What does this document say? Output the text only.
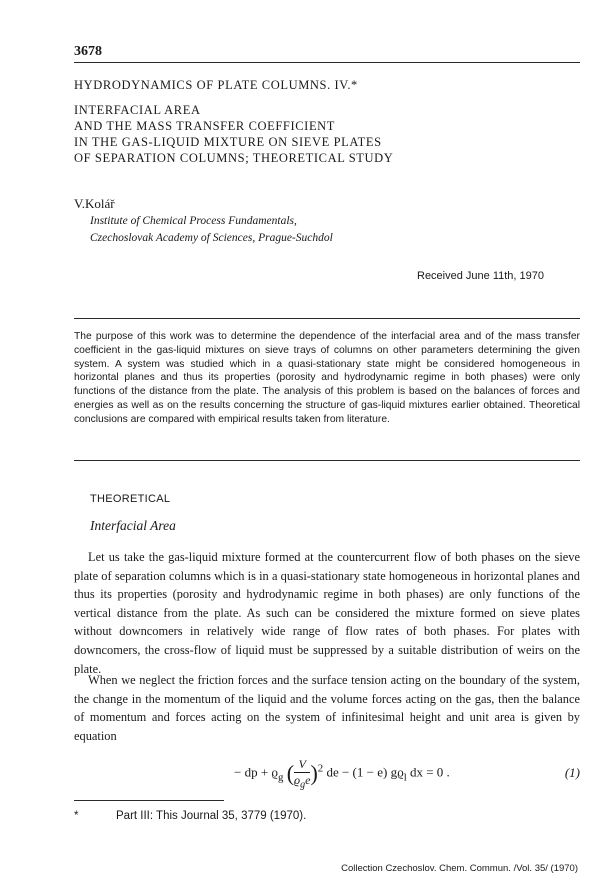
3678
HYDRODYNAMICS OF PLATE COLUMNS. IV.*
INTERFACIAL AREA
AND THE MASS TRANSFER COEFFICIENT
IN THE GAS-LIQUID MIXTURE ON SIEVE PLATES
OF SEPARATION COLUMNS; THEORETICAL STUDY
V.Kolář
Institute of Chemical Process Fundamentals,
Czechoslovak Academy of Sciences, Prague-Suchdol
Received June 11th, 1970

The purpose of this work was to determine the dependence of the interfacial area and of the mass transfer coefficient in the gas-liquid mixtures on sieve trays of columns on other parameters determining the given system. A system was studied which in a quasi-stationary state might be considered homogeneous in horizontal planes and thus its properties (porosity and hydrodynamic regime in both phases) were only functions of the distance from the plate. The analysis of this problem is based on the balances of forces and energies as well as on the results concerning the structure of gas-liquid mixtures earlier obtained. Theoretical conclusions are compared with empirical results taken from literature.

THEORETICAL
Interfacial Area

Let us take the gas-liquid mixture formed at the countercurrent flow of both phases on the sieve plate of separation columns which is in a quasi-stationary state homogeneous in horizontal planes and thus its properties (porosity and hydrodynamic regime in both phases) are only functions of the vertical distance from the plate. As such can be considered the mixture formed on sieve plates without downcomers in relatively wide range of flow rates of both phases. For plates with downcomers, the cross-flow of liquid must be suppressed by a suitable distribution of weirs on the plate.

When we neglect the friction forces and the surface tension acting on the boundary of the system, the change in the momentum of the liquid and the volume forces acting on the gas, then the balance of momentum and forces acting on the system of infinitesimal height and unit area is given by equation

− dp + $ϱ_g$ ( $\frac{V}{ϱ_ge} )^2$ de − (1 − e) $gϱ_l$ dx = 0 .	(1)
*	Part III: This Journal 35, 3779 (1970).
Collection Czechoslov. Chem. Commun. /Vol. 35/ (1970)
